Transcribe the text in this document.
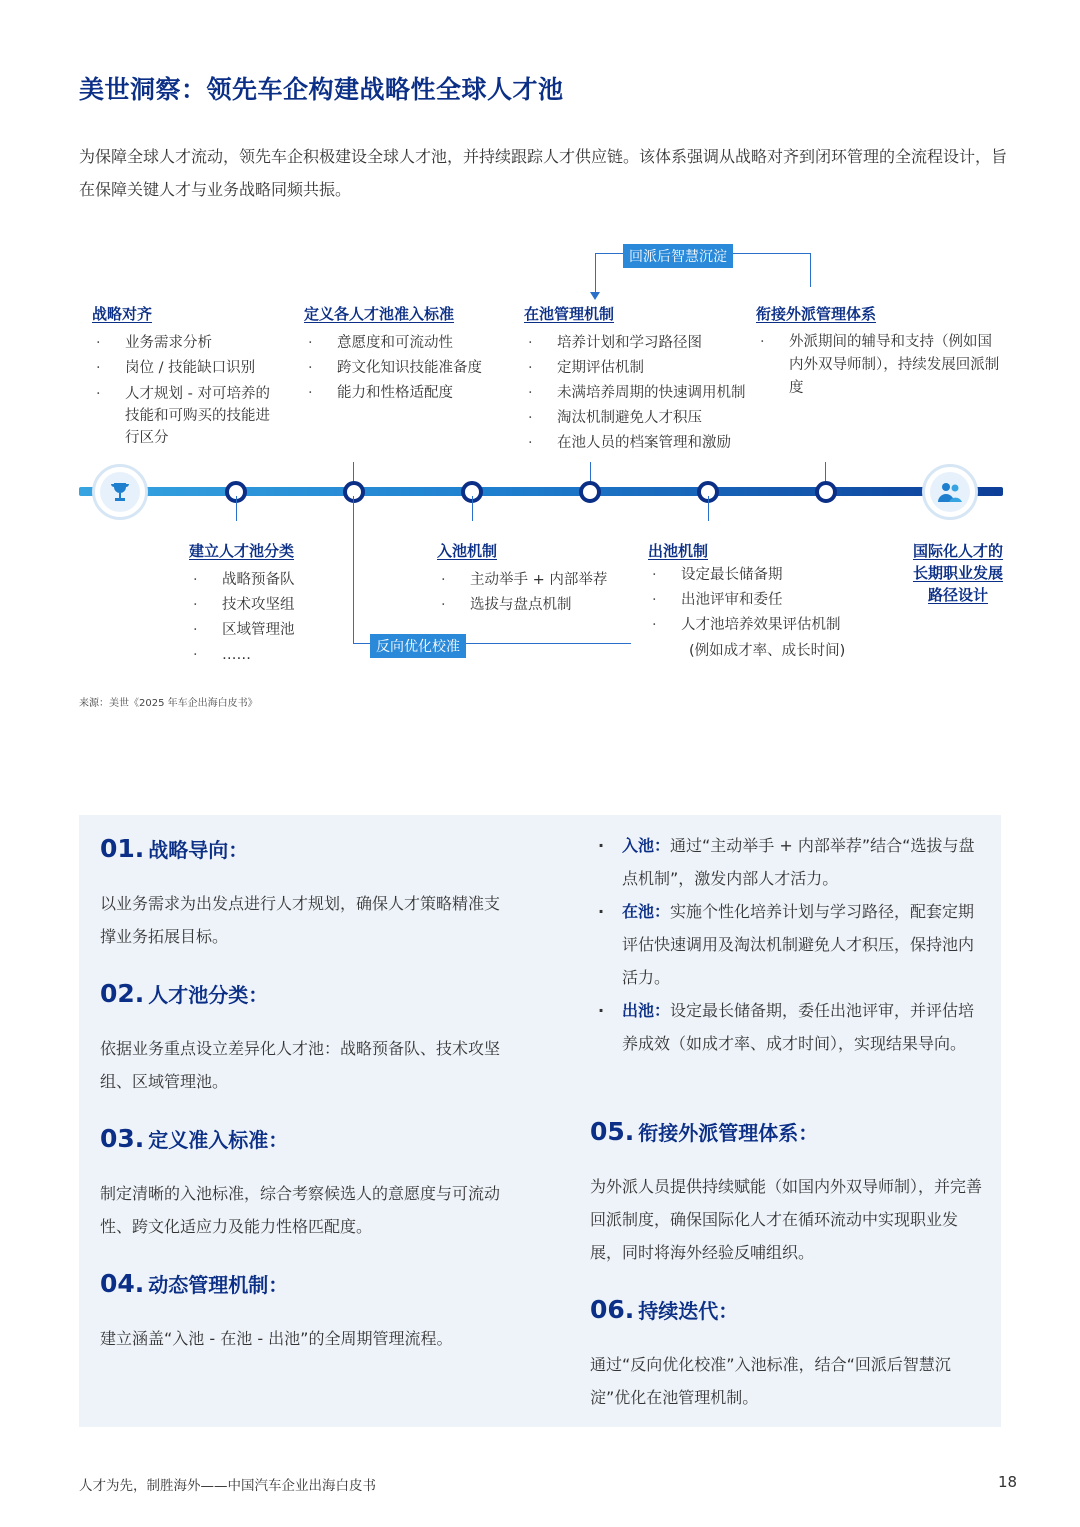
美世洞察：领先车企构建战略性全球人才池
为保障全球人才流动，领先车企积极建设全球人才池，并持续跟踪人才供应链。该体系强调从战略对齐到闭环管理的全流程设计，旨在保障关键人才与业务战略同频共振。
回派后智慧沉淀
战略对齐
· 业务需求分析
· 岗位 / 技能缺口识别
· 人才规划 - 对可培养的技能和可购买的技能进行区分
定义各人才池准入标准
· 意愿度和可流动性
· 跨文化知识技能准备度
· 能力和性格适配度
在池管理机制
· 培养计划和学习路径图
· 定期评估机制
· 未满培养周期的快速调用机制
· 淘汰机制避免人才积压
· 在池人员的档案管理和激励
衔接外派管理体系
· 外派期间的辅导和支持（例如国内外双导师制），持续发展回派制度
反向优化校准
建立人才池分类
· 战略预备队
· 技术攻坚组
· 区域管理池
· ……
入池机制
· 主动举手 + 内部举荐
· 选拔与盘点机制
出池机制
· 设定最长储备期
· 出池评审和委任
· 人才池培养效果评估机制
(例如成才率、成长时间)
国际化人才的
长期职业发展
路径设计
来源：美世《2025 年车企出海白皮书》
01. 战略导向：
以业务需求为出发点进行人才规划，确保人才策略精准支撑业务拓展目标。
02. 人才池分类：
依据业务重点设立差异化人才池：战略预备队、技术攻坚组、区域管理池。
03. 定义准入标准：
制定清晰的入池标准，综合考察候选人的意愿度与可流动性、跨文化适应力及能力性格匹配度。
04. 动态管理机制：
建立涵盖“入池 - 在池 - 出池”的全周期管理流程。
· 入池：通过“主动举手 + 内部举荐”结合“选拔与盘点机制”，激发内部人才活力。
· 在池：实施个性化培养计划与学习路径，配套定期评估快速调用及淘汰机制避免人才积压，保持池内活力。
· 出池：设定最长储备期，委任出池评审，并评估培养成效（如成才率、成才时间），实现结果导向。
05. 衔接外派管理体系：
为外派人员提供持续赋能（如国内外双导师制），并完善回派制度，确保国际化人才在循环流动中实现职业发展，同时将海外经验反哺组织。
06. 持续迭代：
通过“反向优化校准”入池标准，结合“回派后智慧沉淀”优化在池管理机制。
人才为先，制胜海外——中国汽车企业出海白皮书	18
